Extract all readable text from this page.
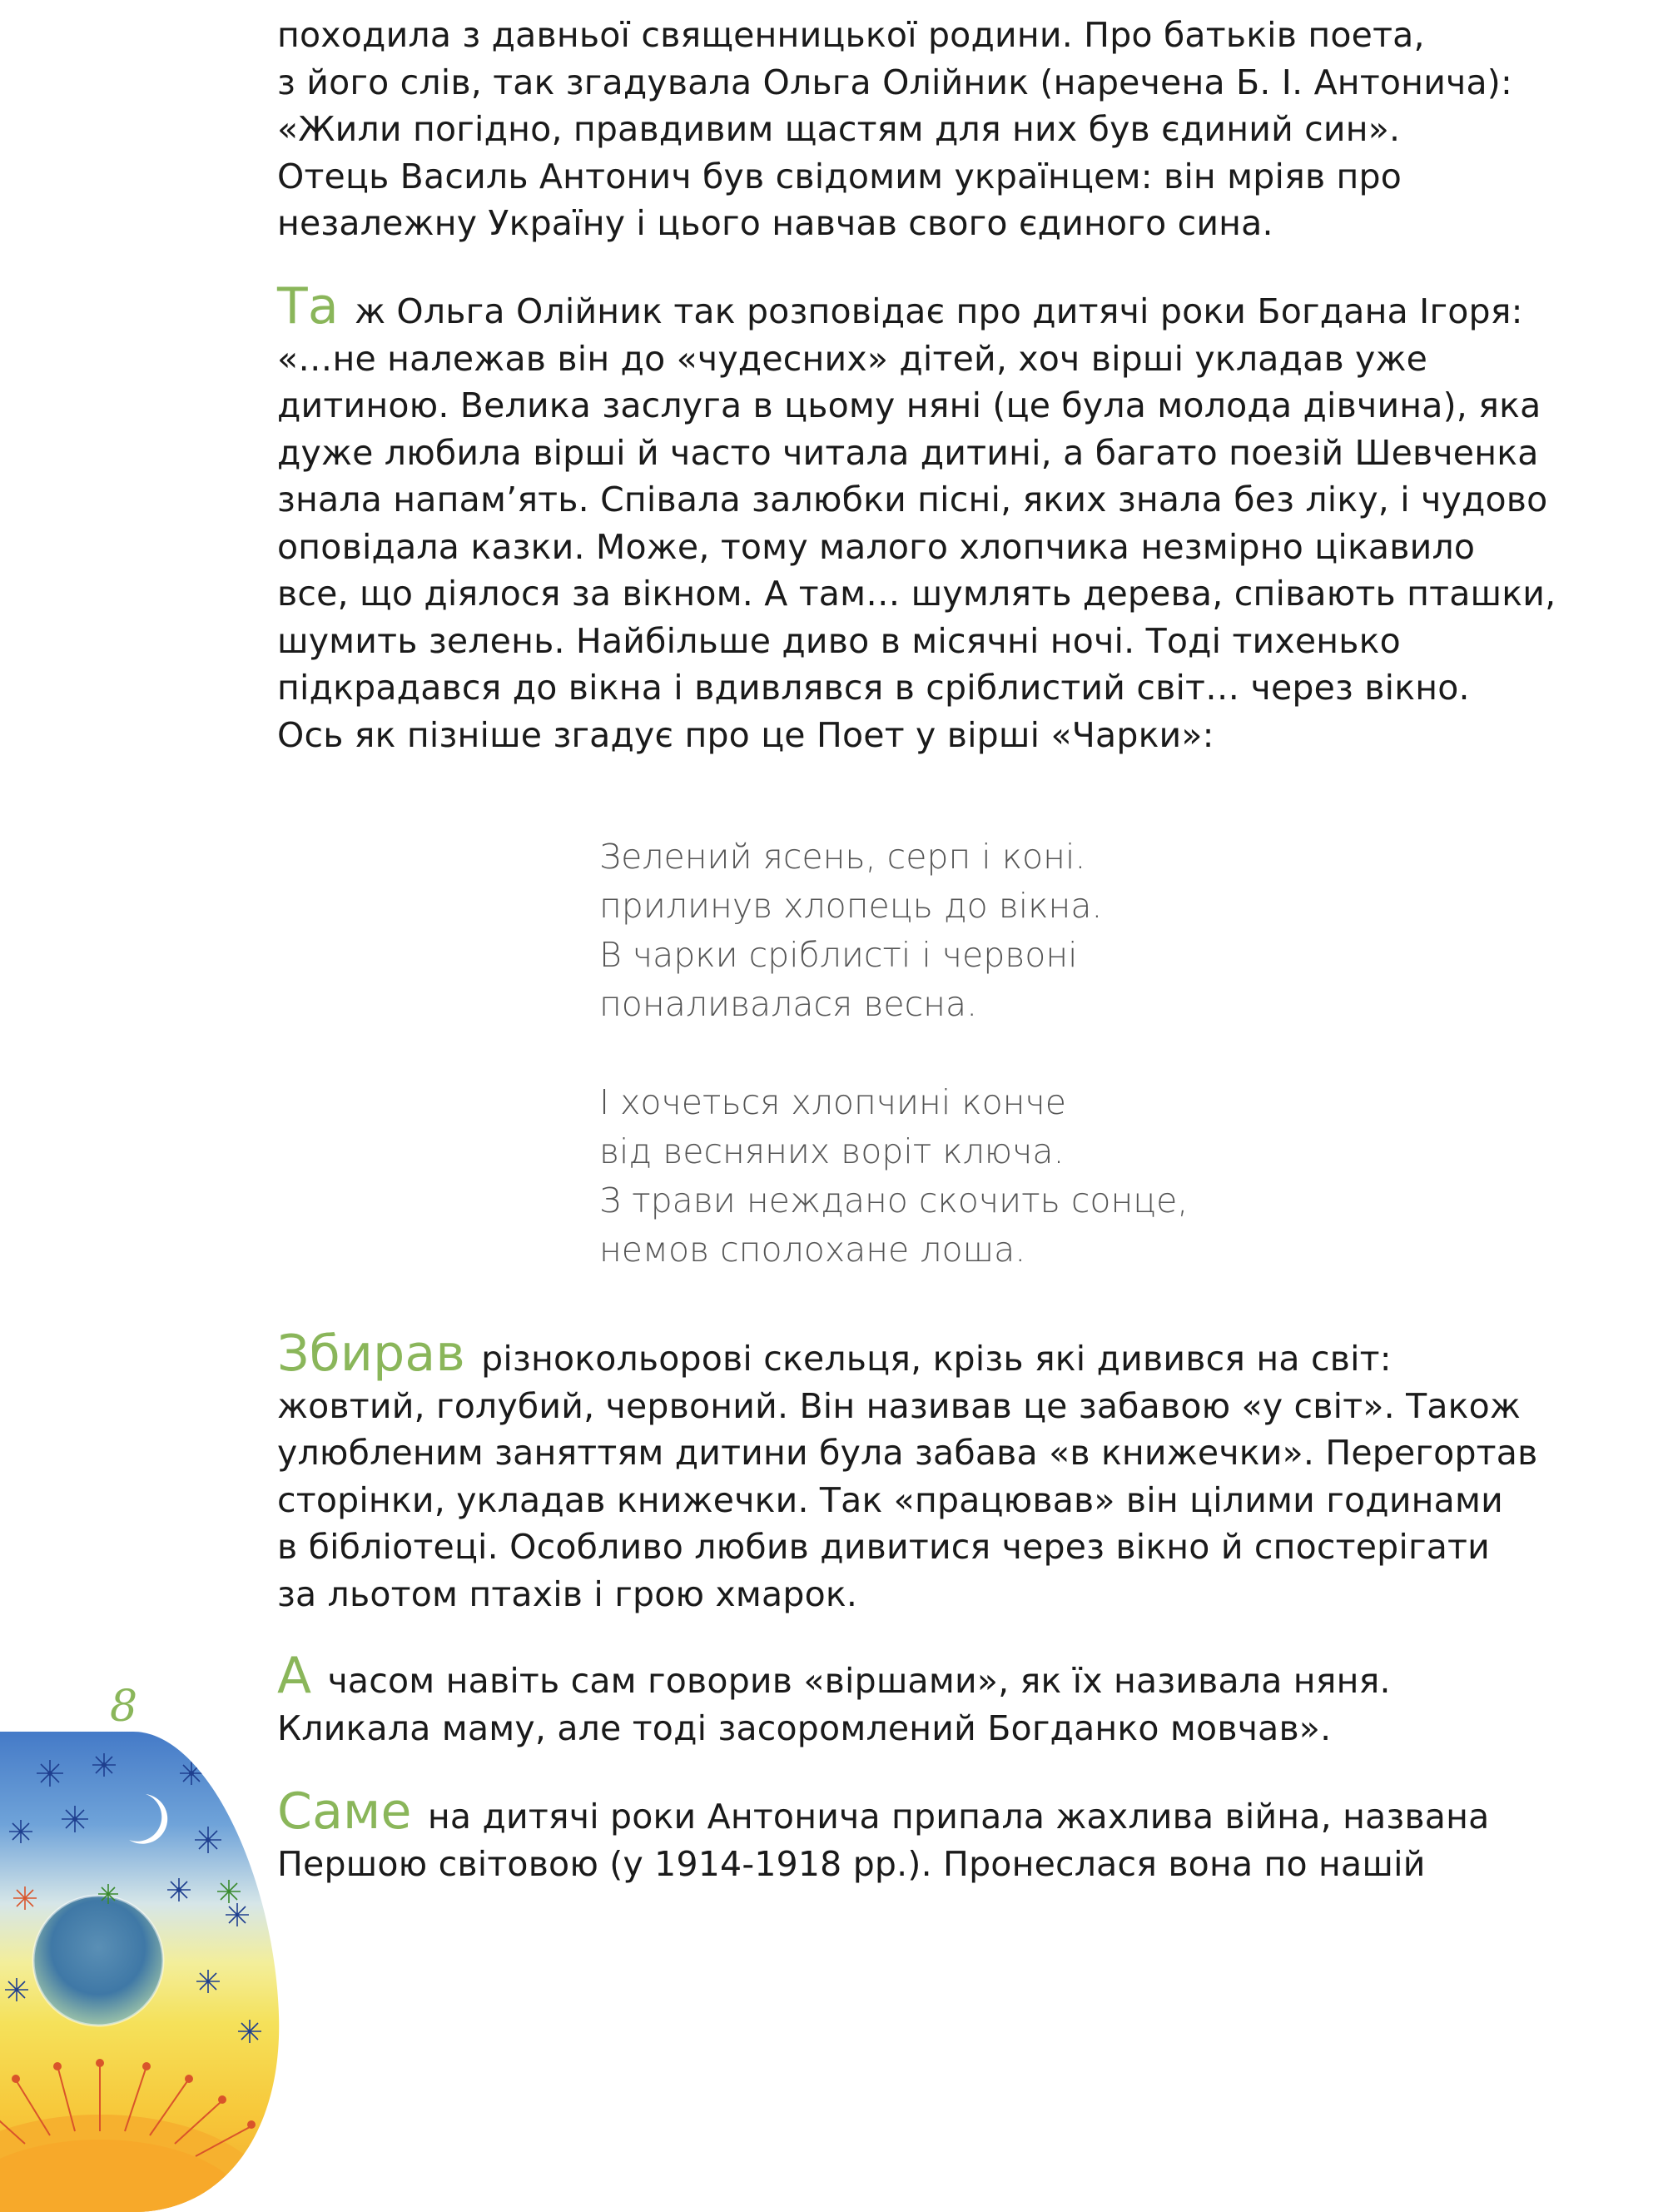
походила з давньої священницької родини. Про батьків поета,
з його слів, так згадувала Ольга Олійник (наречена Б. І. Антонича):
«Жили погідно, правдивим щастям для них був єдиний син».
Отець Василь Антонич був свідомим українцем: він мріяв про
незалежну Україну і цього навчав свого єдиного сина.
Та ж Ольга Олійник так розповідає про дитячі роки Богдана Ігоря:
«…не належав він до «чудесних» дітей, хоч вірші укладав уже
дитиною. Велика заслуга в цьому няні (це була молода дівчина), яка
дуже любила вірші й часто читала дитині, а багато поезій Шевченка
знала напам’ять. Співала залюбки пісні, яких знала без ліку, і чудово
оповідала казки. Може, тому малого хлопчика незмірно цікавило
все, що діялося за вікном. А там… шумлять дерева, співають пташки,
шумить зелень. Найбільше диво в місячні ночі. Тоді тихенько
підкрадався до вікна і вдивлявся в сріблистий світ… через вікно.
Ось як пізніше згадує про це Поет у вірші «Чарки»:
Зелений ясень, серп і коні.
прилинув хлопець до вікна.
В чарки сріблисті і червоні
поналивалася весна.
І хочеться хлопчині конче
від весняних воріт ключа.
З трави неждано скочить сонце,
немов сполохане лоша.
Збирав різнокольорові скельця, крізь які дивився на світ:
жовтий, голубий, червоний. Він називав це забавою «у світ». Також
улюбленим заняттям дитини була забава «в книжечки». Перегортав
сторінки, укладав книжечки. Так «працював» він цілими годинами
в бібліотеці. Особливо любив дивитися через вікно й спостерігати
за льотом птахів і грою хмарок.
А часом навіть сам говорив «віршами», як їх називала няня.
Кликала маму, але тоді засоромлений Богданко мовчав».
Саме на дитячі роки Антонича припала жахлива війна, названа
Першою світовою (у 1914-1918 рр.). Пронеслася вона по нашій
8
